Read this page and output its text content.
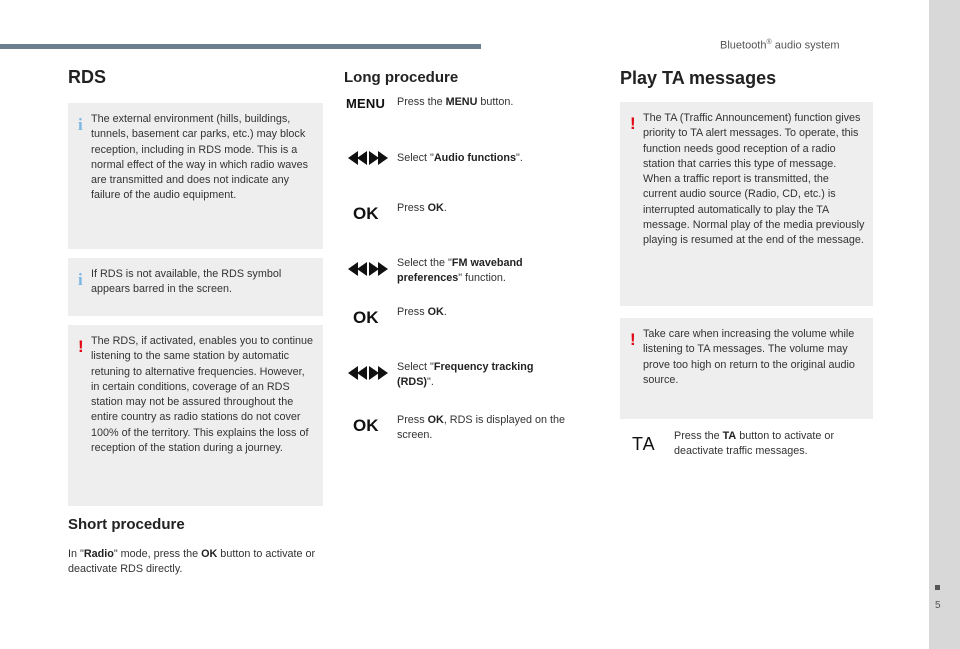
Bluetooth® audio system
RDS
i The external environment (hills, buildings, tunnels, basement car parks, etc.) may block reception, including in RDS mode. This is a normal effect of the way in which radio waves are transmitted and does not indicate any failure of the audio equipment.
i If RDS is not available, the RDS symbol appears barred in the screen.
! The RDS, if activated, enables you to continue listening to the same station by automatic retuning to alternative frequencies. However, in certain conditions, coverage of an RDS station may not be assured throughout the entire country as radio stations do not cover 100% of the territory. This explains the loss of reception of the station during a journey.
Short procedure
In "Radio" mode, press the OK button to activate or deactivate RDS directly.
Long procedure
MENU Press the MENU button.
Select "Audio functions".
OK Press OK.
Select the "FM waveband preferences" function.
OK Press OK.
Select "Frequency tracking (RDS)".
OK Press OK, RDS is displayed on the screen.
Play TA messages
! The TA (Traffic Announcement) function gives priority to TA alert messages. To operate, this function needs good reception of a radio station that carries this type of message. When a traffic report is transmitted, the current audio source (Radio, CD, etc.) is interrupted automatically to play the TA message. Normal play of the media previously playing is resumed at the end of the message.
! Take care when increasing the volume while listening to TA messages. The volume may prove too high on return to the original audio source.
TA Press the TA button to activate or deactivate traffic messages.
5
